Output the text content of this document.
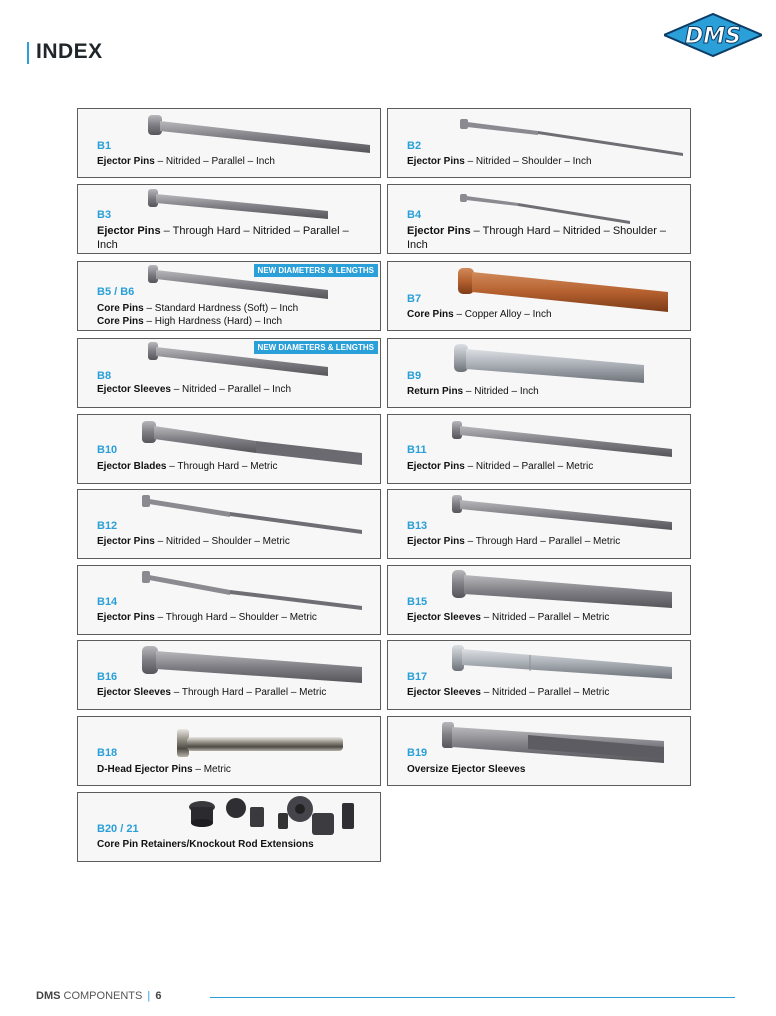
INDEX
DMS
B1
Ejector Pins – Nitrided – Parallel – Inch
B2
Ejector Pins – Nitrided – Shoulder – Inch
B3
Ejector Pins – Through Hard – Nitrided – Parallel – Inch
B4
Ejector Pins – Through Hard – Nitrided – Shoulder – Inch
NEW DIAMETERS & LENGTHS
B5 / B6
Core Pins – Standard Hardness (Soft) – Inch
Core Pins – High Hardness (Hard) – Inch
B7
Core Pins – Copper Alloy – Inch
NEW DIAMETERS & LENGTHS
B8
Ejector Sleeves – Nitrided – Parallel – Inch
B9
Return Pins – Nitrided – Inch
B10
Ejector Blades – Through Hard – Metric
B11
Ejector Pins – Nitrided – Parallel – Metric
B12
Ejector Pins – Nitrided – Shoulder – Metric
B13
Ejector Pins – Through Hard – Parallel – Metric
B14
Ejector Pins – Through Hard – Shoulder – Metric
B15
Ejector Sleeves – Nitrided – Parallel – Metric
B16
Ejector Sleeves – Through Hard – Parallel – Metric
B17
Ejector Sleeves – Nitrided – Parallel – Metric
B18
D-Head Ejector Pins – Metric
B19
Oversize Ejector Sleeves
B20 / 21
Core Pin Retainers/Knockout Rod Extensions
DMS COMPONENTS | 6
